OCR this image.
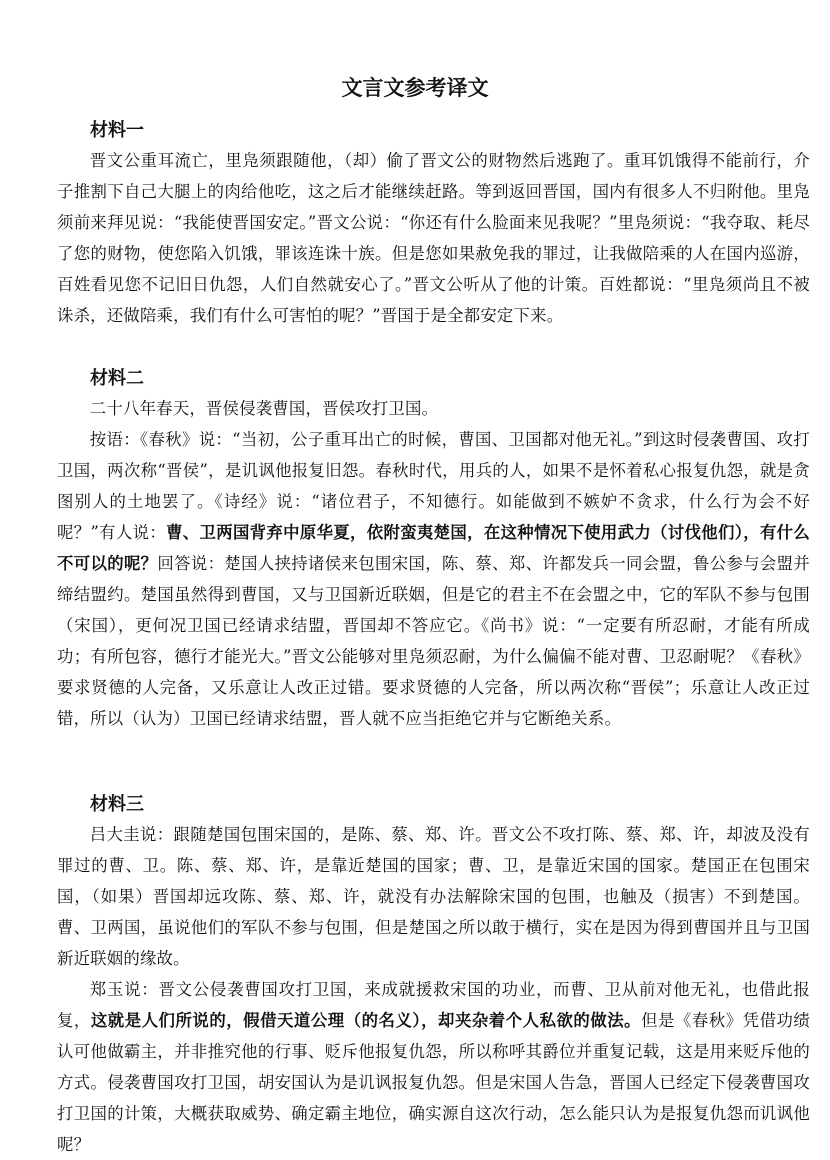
文言文参考译文
材料一

晋文公重耳流亡，里凫须跟随他，（却）偷了晋文公的财物然后逃跑了。重耳饥饿得不能前行，介子推割下自己大腿上的肉给他吃，这之后才能继续赶路。等到返回晋国，国内有很多人不归附他。里凫须前来拜见说：“我能使晋国安定。”晋文公说：“你还有什么脸面来见我呢？”里凫须说：“我夺取、耗尽了您的财物，使您陷入饥饿，罪该连诛十族。但是您如果赦免我的罪过，让我做陪乘的人在国内巡游，百姓看见您不记旧日仇怨，人们自然就安心了。”晋文公听从了他的计策。百姓都说：“里凫须尚且不被诛杀，还做陪乘，我们有什么可害怕的呢？”晋国于是全都安定下来。

材料二

二十八年春天，晋侯侵袭曹国，晋侯攻打卫国。

按语：《春秋》说：“当初，公子重耳出亡的时候，曹国、卫国都对他无礼。”到这时侵袭曹国、攻打卫国，两次称“晋侯”，是讥讽他报复旧怨。春秋时代，用兵的人，如果不是怀着私心报复仇怨，就是贪图别人的土地罢了。《诗经》说：“诸位君子，不知德行。如能做到不嫉妒不贪求，什么行为会不好呢？”有人说：曹、卫两国背弃中原华夏，依附蛮夷楚国，在这种情况下使用武力（讨伐他们），有什么不可以的呢？回答说：楚国人挟持诸侯来包围宋国，陈、蔡、郑、许都发兵一同会盟，鲁公参与会盟并缔结盟约。楚国虽然得到曹国，又与卫国新近联姻，但是它的君主不在会盟之中，它的军队不参与包围（宋国），更何况卫国已经请求结盟，晋国却不答应它。《尚书》说：“一定要有所忍耐，才能有所成功；有所包容，德行才能光大。”晋文公能够对里凫须忍耐，为什么偏偏不能对曹、卫忍耐呢？《春秋》要求贤德的人完备，又乐意让人改正过错。要求贤德的人完备，所以两次称“晋侯”；乐意让人改正过错，所以（认为）卫国已经请求结盟，晋人就不应当拒绝它并与它断绝关系。

材料三

吕大圭说：跟随楚国包围宋国的，是陈、蔡、郑、许。晋文公不攻打陈、蔡、郑、许，却波及没有罪过的曹、卫。陈、蔡、郑、许，是靠近楚国的国家；曹、卫，是靠近宋国的国家。楚国正在包围宋国，（如果）晋国却远攻陈、蔡、郑、许，就没有办法解除宋国的包围，也触及（损害）不到楚国。曹、卫两国，虽说他们的军队不参与包围，但是楚国之所以敢于横行，实在是因为得到曹国并且与卫国新近联姻的缘故。

郑玉说：晋文公侵袭曹国攻打卫国，来成就援救宋国的功业，而曹、卫从前对他无礼，也借此报复，这就是人们所说的，假借天道公理（的名义），却夹杂着个人私欲的做法。但是《春秋》凭借功绩认可他做霸主，并非推究他的行事、贬斥他报复仇怨，所以称呼其爵位并重复记载，这是用来贬斥他的方式。侵袭曹国攻打卫国，胡安国认为是讥讽报复仇怨。但是宋国人告急，晋国人已经定下侵袭曹国攻打卫国的计策，大概获取威势、确定霸主地位，确实源自这次行动，怎么能只认为是报复仇怨而讥讽他呢？
